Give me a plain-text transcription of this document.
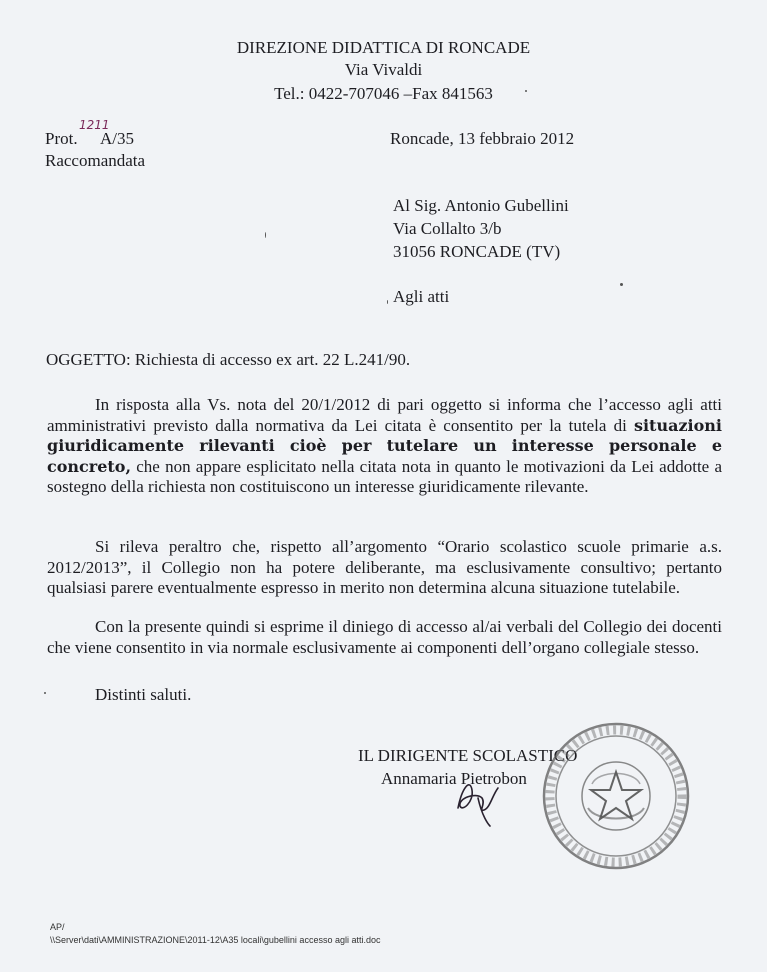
DIREZIONE DIDATTICA DI RONCADE
Via Vivaldi
Tel.: 0422-707046 –Fax 841563
Prot.
1211
A/35
Raccomandata
Roncade, 13 febbraio 2012
Al Sig. Antonio Gubellini
Via Collalto 3/b
31056 RONCADE (TV)
Agli atti
OGGETTO: Richiesta di accesso ex art. 22 L.241/90.
In risposta alla Vs. nota del 20/1/2012 di pari oggetto si informa che l’accesso agli atti amministrativi previsto dalla normativa da Lei citata è consentito per la tutela di situazioni giuridicamente rilevanti cioè per tutelare un interesse personale e concreto, che non appare esplicitato nella citata nota in quanto le motivazioni da Lei addotte a sostegno della richiesta non costituiscono un interesse giuridicamente rilevante.
Si rileva peraltro che, rispetto all’argomento “Orario scolastico scuole primarie a.s. 2012/2013”, il Collegio non ha potere deliberante, ma esclusivamente consultivo; pertanto qualsiasi parere eventualmente espresso in merito non determina alcuna situazione tutelabile.
Con la presente quindi si esprime il diniego di accesso al/ai verbali del Collegio dei docenti che viene consentito in via normale esclusivamente ai componenti dell’organo collegiale stesso.
Distinti saluti.
IL DIRIGENTE SCOLASTICO
Annamaria Pietrobon
AP/
\\Server\dati\AMMINISTRAZIONE\2011-12\A35 locali\gubellini accesso agli atti.doc
